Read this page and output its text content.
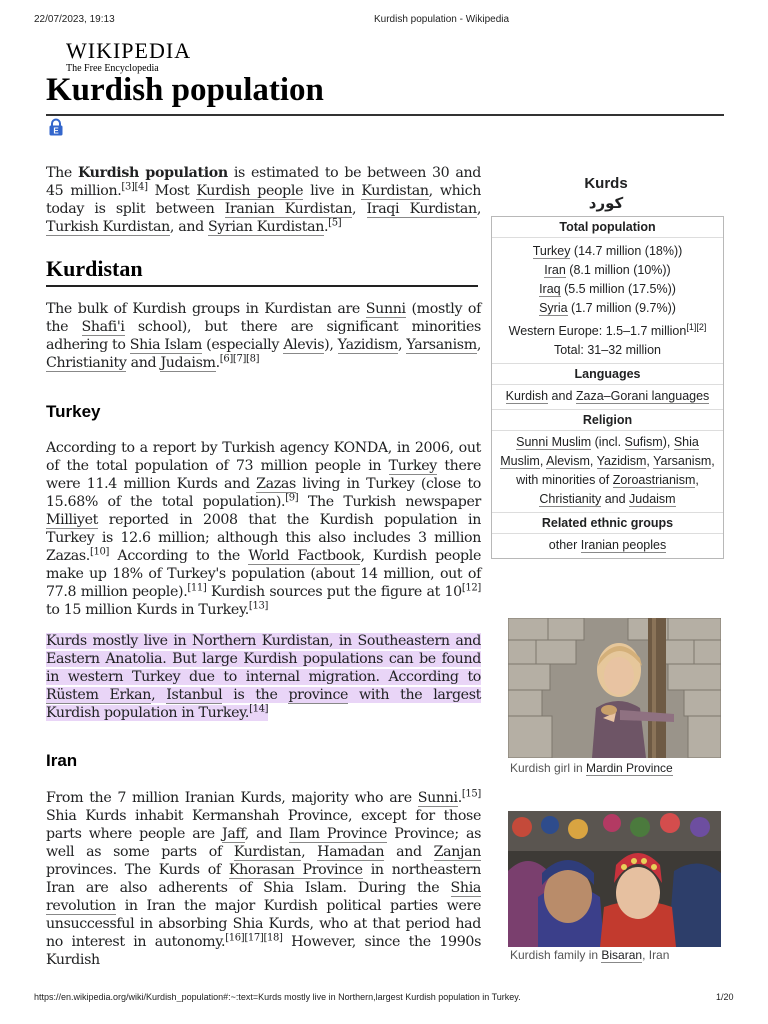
22/07/2023, 19:13	Kurdish population - Wikipedia
WIKIPEDIA
The Free Encyclopedia
Kurdish population
E
The Kurdish population is estimated to be between 30 and 45 million.[3][4] Most Kurdish people live in Kurdistan, which today is split between Iranian Kurdistan, Iraqi Kurdistan, Turkish Kurdistan, and Syrian Kurdistan.[5]
Kurdistan
The bulk of Kurdish groups in Kurdistan are Sunni (mostly of the Shafi'i school), but there are significant minorities adhering to Shia Islam (especially Alevis), Yazidism, Yarsanism, Christianity and Judaism.[6][7][8]
Turkey
According to a report by Turkish agency KONDA, in 2006, out of the total population of 73 million people in Turkey there were 11.4 million Kurds and Zazas living in Turkey (close to 15.68% of the total population).[9] The Turkish newspaper Milliyet reported in 2008 that the Kurdish population in Turkey is 12.6 million; although this also includes 3 million Zazas.[10] According to the World Factbook, Kurdish people make up 18% of Turkey's population (about 14 million, out of 77.8 million people).[11] Kurdish sources put the figure at 10[12] to 15 million Kurds in Turkey.[13]
Kurds mostly live in Northern Kurdistan, in Southeastern and Eastern Anatolia. But large Kurdish populations can be found in western Turkey due to internal migration. According to Rüstem Erkan, Istanbul is the province with the largest Kurdish population in Turkey.[14]
Iran
From the 7 million Iranian Kurds, majority who are Sunni.[15] Shia Kurds inhabit Kermanshah Province, except for those parts where people are Jaff, and Ilam Province Province; as well as some parts of Kurdistan, Hamadan and Zanjan provinces. The Kurds of Khorasan Province in northeastern Iran are also adherents of Shia Islam. During the Shia revolution in Iran the major Kurdish political parties were unsuccessful in absorbing Shia Kurds, who at that period had no interest in autonomy.[16][17][18] However, since the 1990s Kurdish
Kurds
کورد
Total population
Turkey (14.7 million (18%))
Iran (8.1 million (10%))
Iraq (5.5 million (17.5%))
Syria (1.7 million (9.7%))
Western Europe: 1.5–1.7 million[1][2]
Total: 31–32 million
Languages
Kurdish and Zaza–Gorani languages
Religion
Sunni Muslim (incl. Sufism), Shia Muslim, Alevism, Yazidism, Yarsanism, with minorities of Zoroastrianism, Christianity and Judaism
Related ethnic groups
other Iranian peoples
Kurdish girl in Mardin Province
Kurdish family in Bisaran, Iran
https://en.wikipedia.org/wiki/Kurdish_population#:~:text=Kurds mostly live in Northern,largest Kurdish population in Turkey.	1/20
